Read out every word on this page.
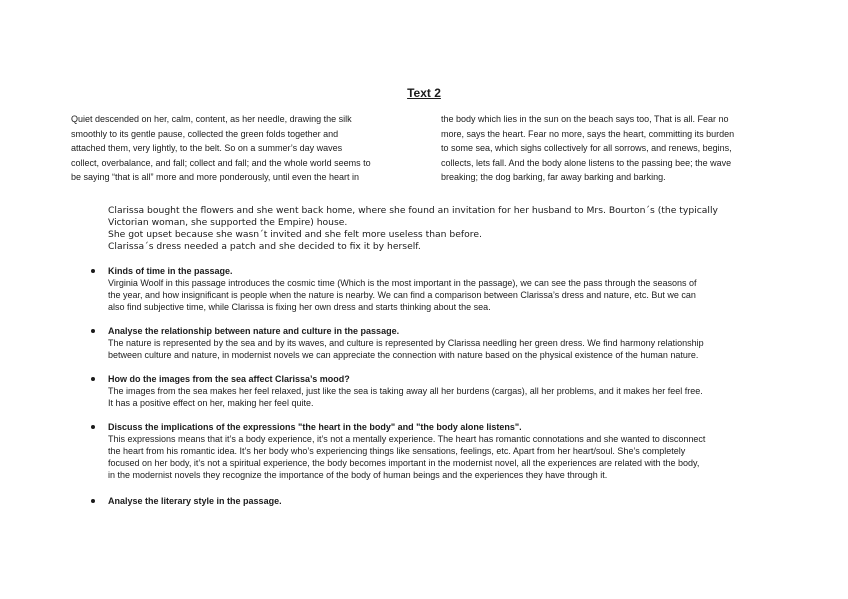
Text 2
Quiet descended on her, calm, content, as her needle, drawing the silk
smoothly to its gentle pause, collected the green folds together and
attached them, very lightly, to the belt. So on a summer’s day waves
collect, overbalance, and fall; collect and fall; and the whole world seems to
be saying “that is all” more and more ponderously, until even the heart in
the body which lies in the sun on the beach says too, That is all. Fear no
more, says the heart. Fear no more, says the heart, committing its burden
to some sea, which sighs collectively for all sorrows, and renews, begins,
collects, lets fall. And the body alone listens to the passing bee; the wave
breaking; the dog barking, far away barking and barking.
Clarissa bought the flowers and she went back home, where she found an invitation for her husband to Mrs. Bourton´s (the typically
Victorian woman, she supported the Empire) house.
She got upset because she wasn´t invited and she felt more useless than before.
Clarissa´s dress needed a patch and she decided to fix it by herself.
Kinds of time in the passage.
Virginia Woolf in this passage introduces the cosmic time (Which is the most important in the passage), we can see the pass through the seasons of
the year, and how insignificant is people when the nature is nearby. We can find a comparison between Clarissa’s dress and nature, etc. But we can
also find subjective time, while Clarissa is fixing her own dress and starts thinking about the sea.
Analyse the relationship between nature and culture in the passage.
The nature is represented by the sea and by its waves, and culture is represented by Clarissa needling her green dress. We find harmony relationship
between culture and nature, in modernist novels we can appreciate the connection with nature based on the physical existence of the human nature.
How do the images from the sea affect Clarissa’s mood?
The images from the sea makes her feel relaxed, just like the sea is taking away all her burdens (cargas), all her problems, and it makes her feel free.
It has a positive effect on her, making her feel quite.
Discuss the implications of the expressions "the heart in the body" and "the body alone listens".
This expressions means that it’s a body experience, it’s not a mentally experience. The heart has romantic connotations and she wanted to disconnect
the heart from his romantic idea. It’s her body who’s experiencing things like sensations, feelings, etc. Apart from her heart/soul. She’s completely
focused on her body, it’s not a spiritual experience, the body becomes important in the modernist novel, all the experiences are related with the body,
in the modernist novels they recognize the importance of the body of human beings and the experiences they have through it.
Analyse the literary style in the passage.
